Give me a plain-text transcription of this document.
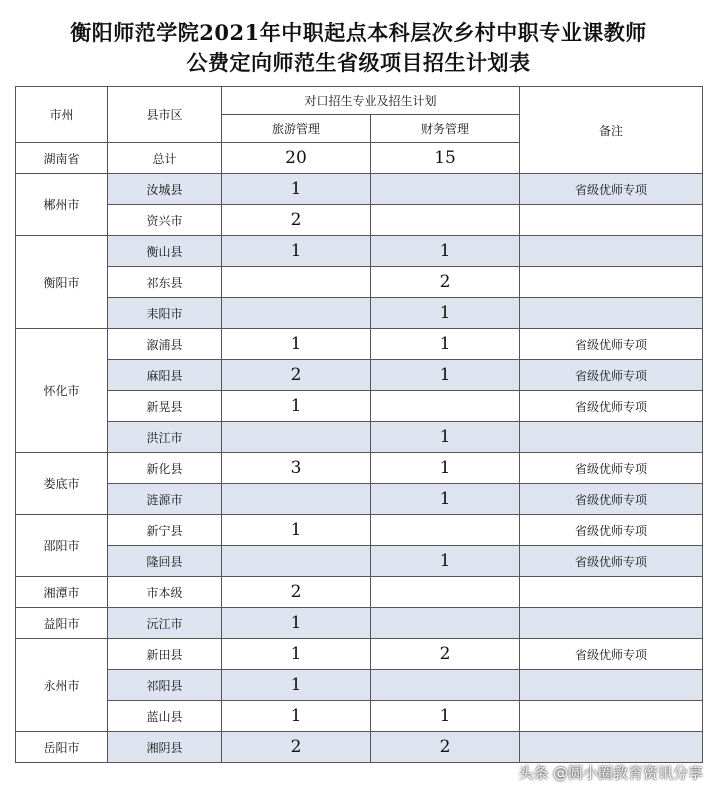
衡阳师范学院2021年中职起点本科层次乡村中职专业课教师
公费定向师范生省级项目招生计划表
市州	县市区	对口招生专业及招生计划		备注
		旅游管理	财务管理	
湖南省	总计	20	15	
郴州市	汝城县	1		省级优师专项
	资兴市	2		
衡阳市	衡山县	1	1	
	祁东县		2	
	耒阳市		1	
怀化市	溆浦县	1	1	省级优师专项
	麻阳县	2	1	省级优师专项
	新晃县	1		省级优师专项
	洪江市		1	
娄底市	新化县	3	1	省级优师专项
	涟源市		1	省级优师专项
邵阳市	新宁县	1		省级优师专项
	隆回县		1	省级优师专项
湘潭市	市本级	2		
益阳市	沅江市	1		
永州市	新田县	1	2	省级优师专项
	祁阳县	1		
	蓝山县	1	1	
岳阳市	湘阴县	2	2	
头条 @圆小圈教育资讯分享
